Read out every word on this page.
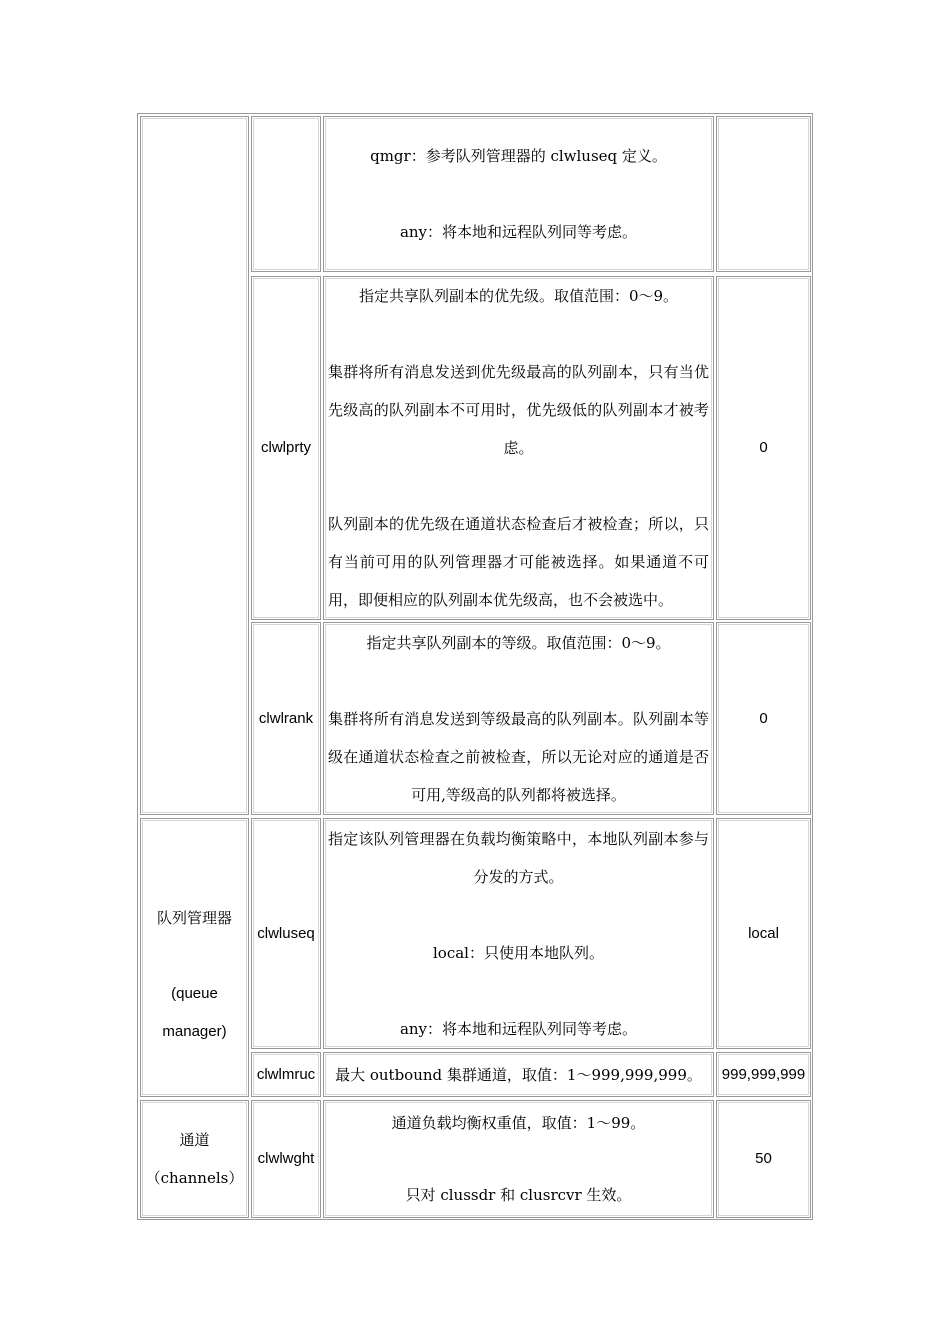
qmgr：参考队列管理器的 clwluseq 定义。

any：将本地和远程队列同等考虑。

clwlprty

指定共享队列副本的优先级。取值范围：0～9。

集群将所有消息发送到优先级最高的队列副本，只有当优先级高的队列副本不可用时，优先级低的队列副本才被考虑。

队列副本的优先级在通道状态检查后才被检查；所以，只有当前可用的队列管理器才可能被选择。如果通道不可用，即便相应的队列副本优先级高，也不会被选中。

0
clwlrank

指定共享队列副本的等级。取值范围：0～9。

集群将所有消息发送到等级最高的队列副本。队列副本等级在通道状态检查之前被检查，所以无论对应的通道是否可用,等级高的队列都将被选择。

0
队列管理器
(queue
manager)
clwluseq

指定该队列管理器在负载均衡策略中，本地队列副本参与分发的方式。

local：只使用本地队列。

any：将本地和远程队列同等考虑。

local
clwlmruc 最大 outbound 集群通道，取值：1～999,999,999。 999,999,999
通道
（channels）
clwlwght

通道负载均衡权重值，取值：1～99。

只对 clussdr 和 clusrcvr 生效。

50
